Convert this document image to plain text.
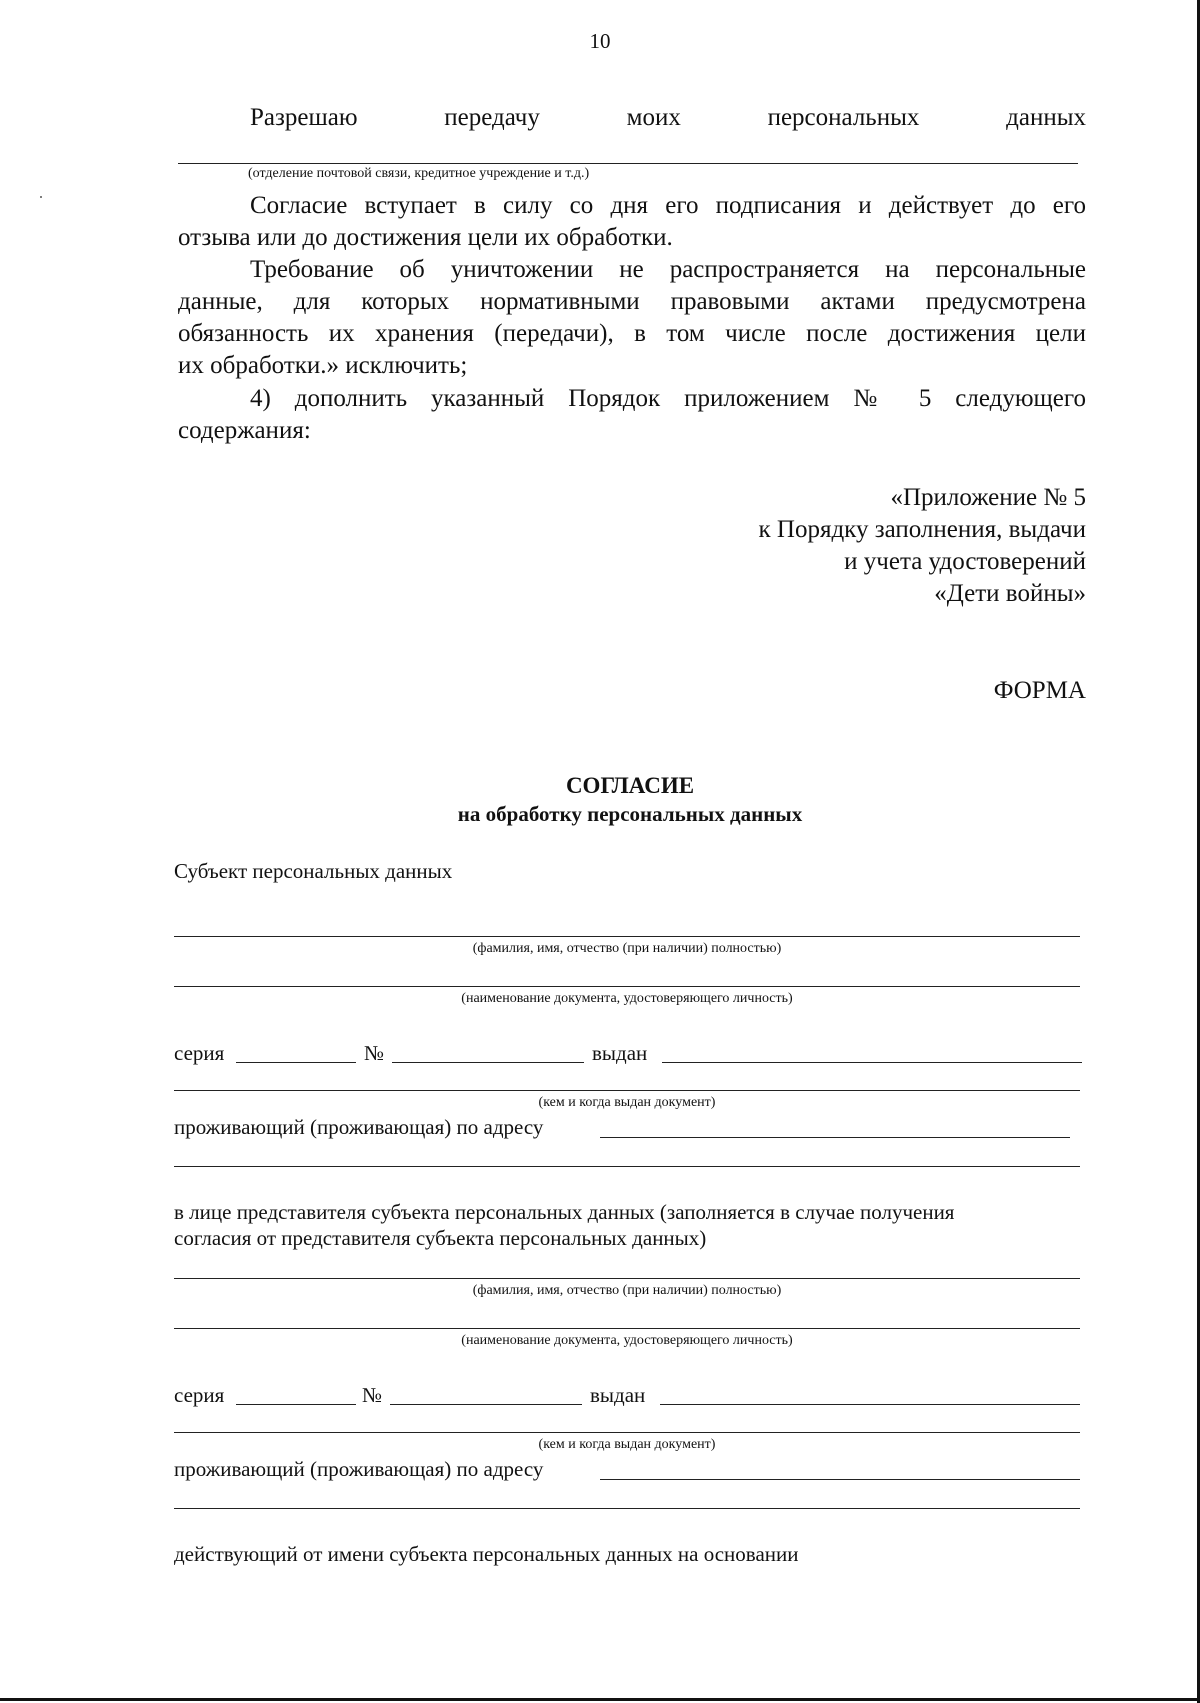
10
Разрешаю передачу моих персональных данных
(отделение почтовой связи, кредитное учреждение и т.д.)
Согласие вступает в силу со дня его подписания и действует до его
отзыва или до достижения цели их обработки.
Требование об уничтожении не распространяется на персональные
данные, для которых нормативными правовыми актами предусмотрена
обязанность их хранения (передачи), в том числе после достижения цели
их обработки.» исключить;
4) дополнить указанный Порядок приложением № 5 следующего
содержания:
«Приложение № 5
к Порядку заполнения, выдачи
и учета удостоверений
«Дети войны»
ФОРМА
СОГЛАСИЕ
на обработку персональных данных
Субъект персональных данных
(фамилия, имя, отчество (при наличии) полностью)
(наименование документа, удостоверяющего личность)
серия	№	выдан
(кем и когда выдан документ)
проживающий (проживающая) по адресу
в лице представителя субъекта персональных данных (заполняется в случае получения
согласия от представителя субъекта персональных данных)
(фамилия, имя, отчество (при наличии) полностью)
(наименование документа, удостоверяющего личность)
серия	№	выдан
(кем и когда выдан документ)
проживающий (проживающая) по адресу
действующий от имени субъекта персональных данных на основании
